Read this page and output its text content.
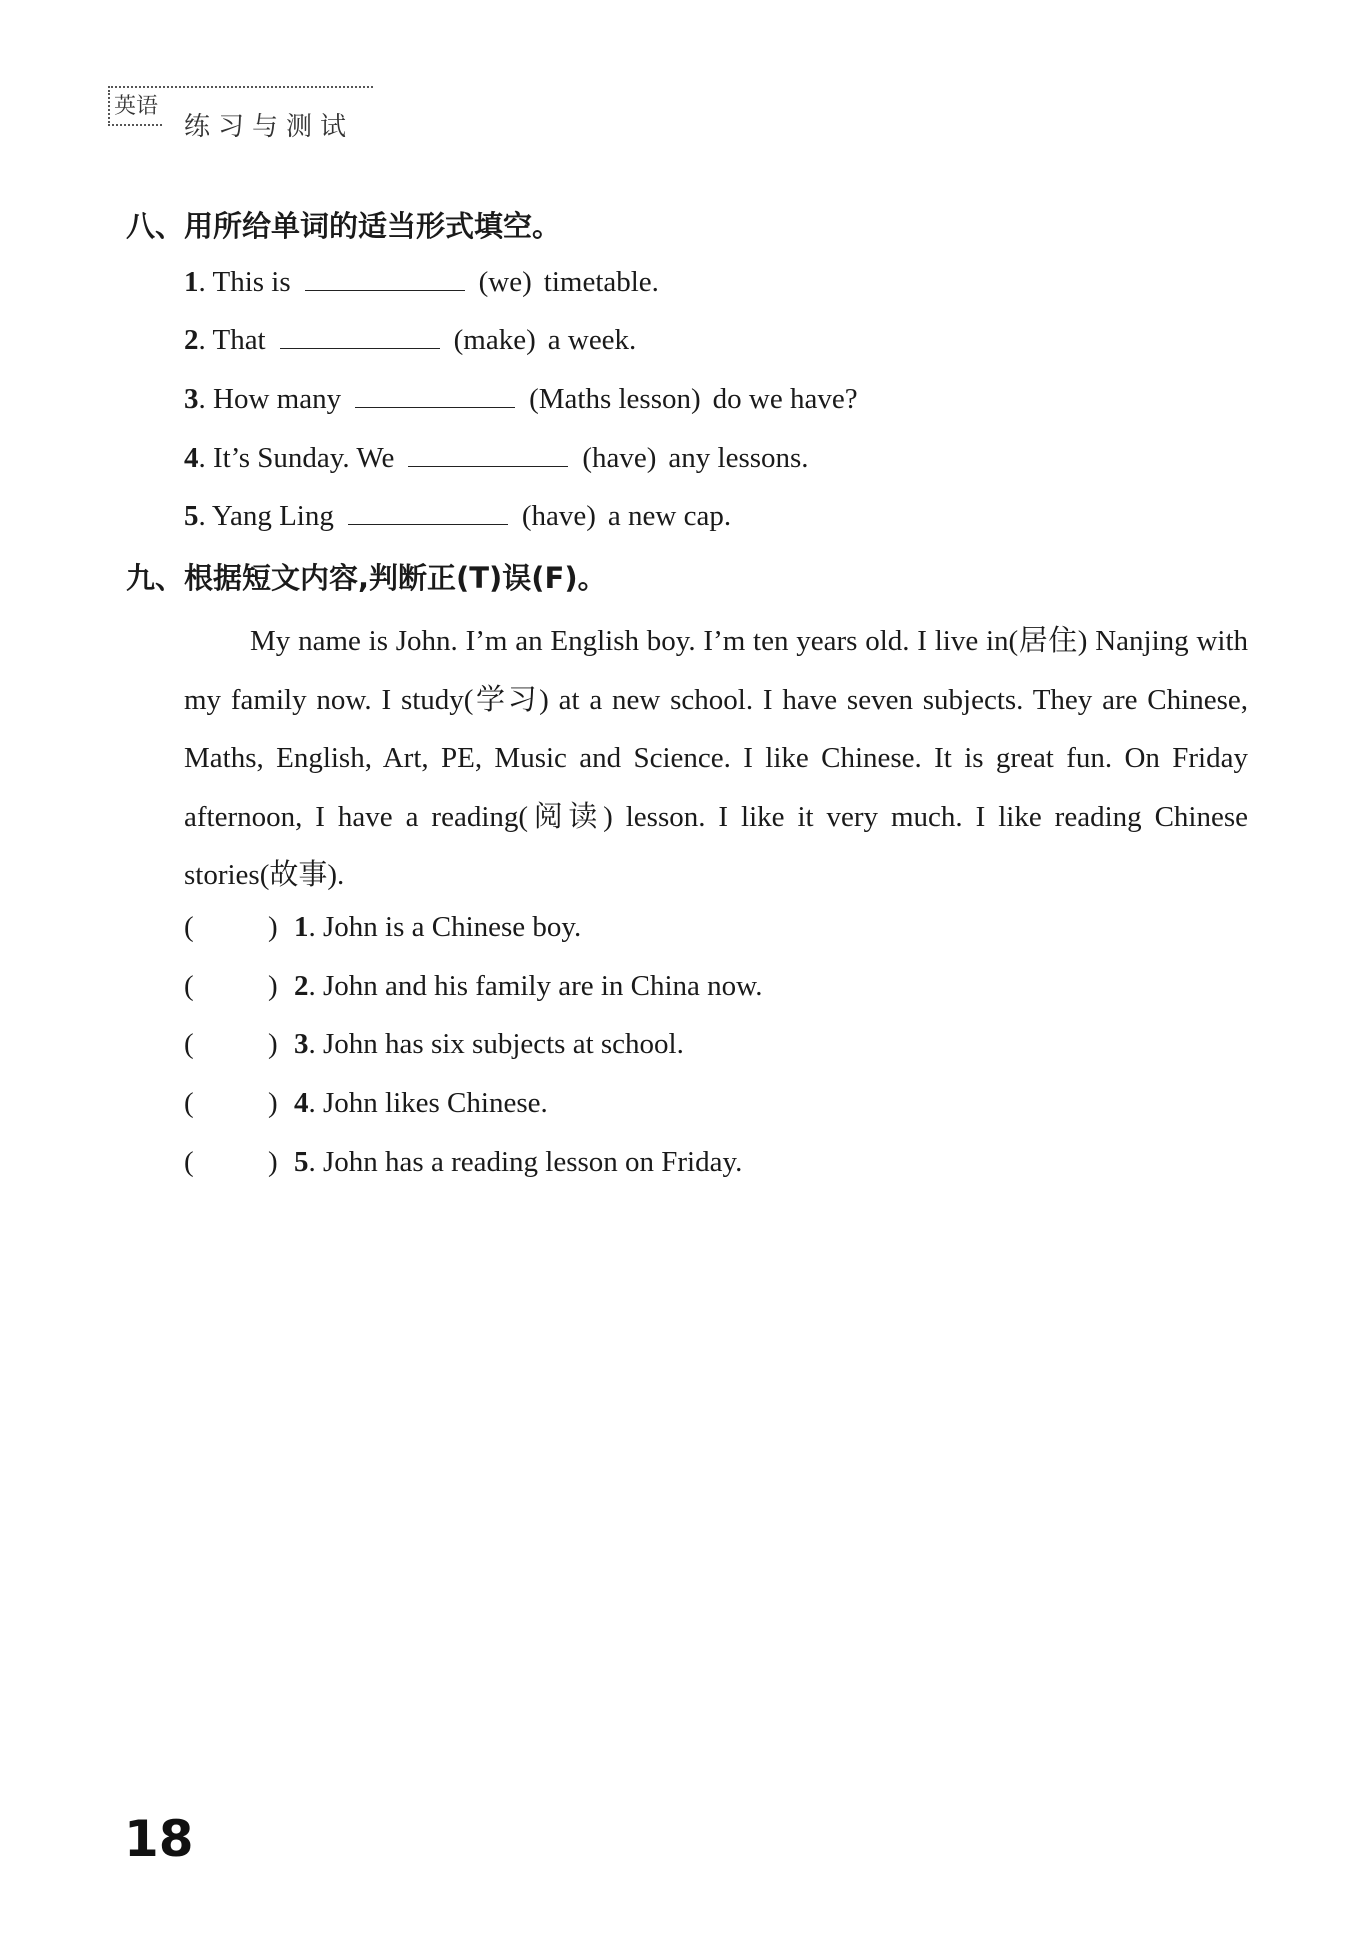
英语
练习与测试
八、用所给单词的适当形式填空。
1. This is	(we) timetable.
2. That	(make) a week.
3. How many	(Maths lesson) do we have?
4. It’s Sunday. We	(have) any lessons.
5. Yang Ling	(have) a new cap.
九、根据短文内容,判断正(T)误(F)。

My name is John. I’m an English boy. I’m ten years old. I live in(居住) Nanjing with my family now. I study(学习) at a new school. I have seven subjects. They are Chinese, Maths, English, Art, PE, Music and Science. I like Chinese. It is great fun. On Friday afternoon, I have a reading(阅读) lesson. I like it very much. I like reading Chinese stories(故事).

(	) 1. John is a Chinese boy.
(	) 2. John and his family are in China now.
(	) 3. John has six subjects at school.
(	) 4. John likes Chinese.
(	) 5. John has a reading lesson on Friday.
18
